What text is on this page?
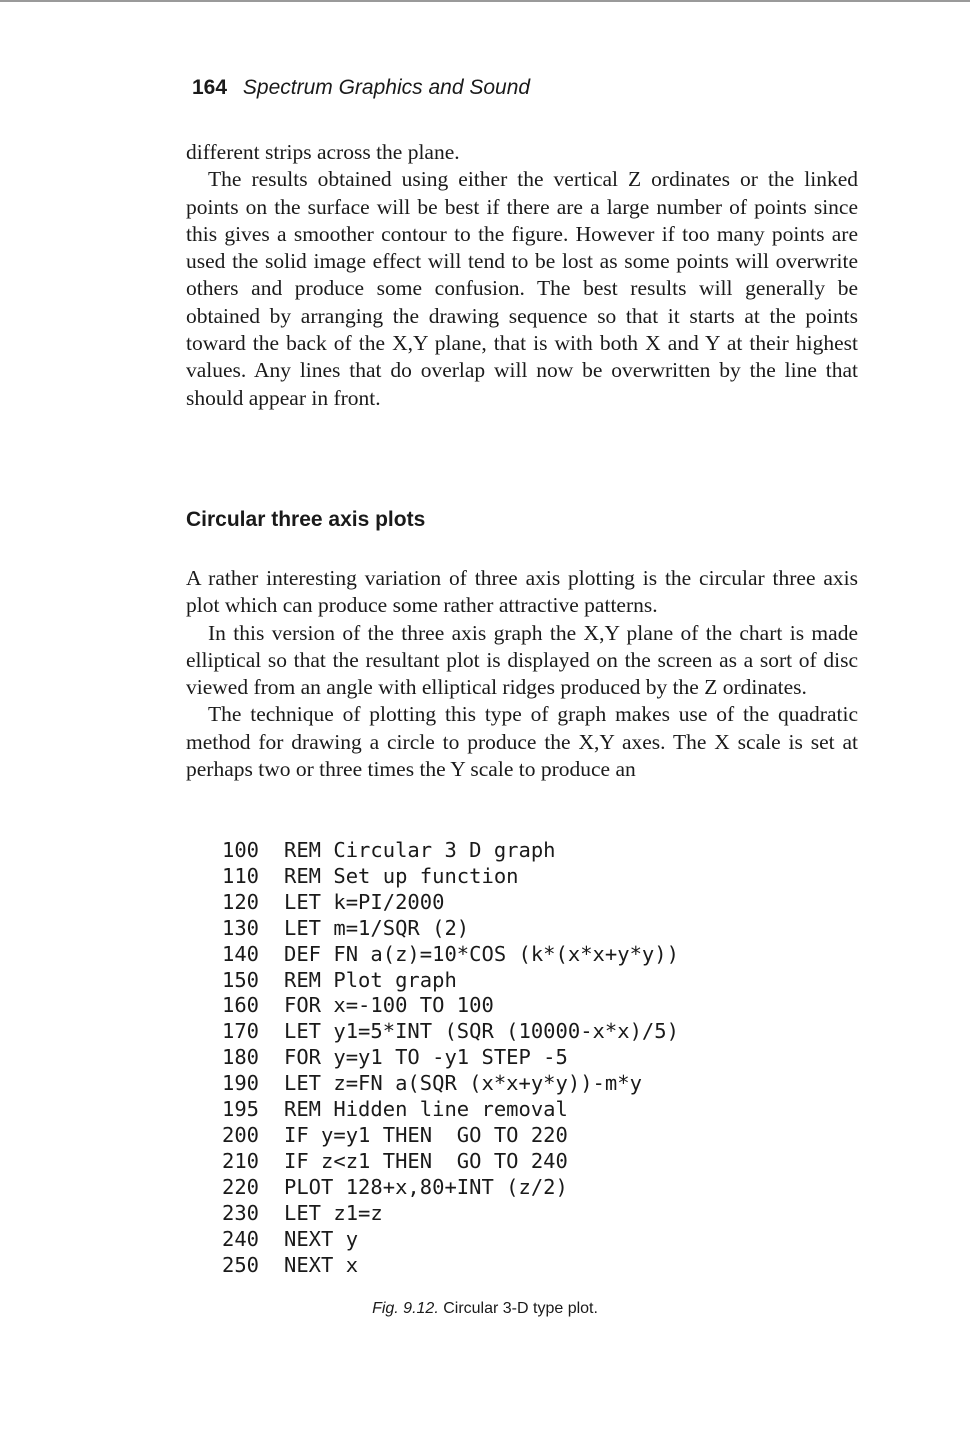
164 Spectrum Graphics and Sound

different strips across the plane.

The results obtained using either the vertical Z ordinates or the linked points on the surface will be best if there are a large number of points since this gives a smoother contour to the figure. However if too many points are used the solid image effect will tend to be lost as some points will overwrite others and produce some confusion. The best results will generally be obtained by arranging the drawing sequence so that it starts at the points toward the back of the X,Y plane, that is with both X and Y at their highest values. Any lines that do overlap will now be overwritten by the line that should appear in front.

Circular three axis plots

A rather interesting variation of three axis plotting is the circular three axis plot which can produce some rather attractive patterns.

In this version of the three axis graph the X,Y plane of the chart is made elliptical so that the resultant plot is displayed on the screen as a sort of disc viewed from an angle with elliptical ridges produced by the Z ordinates.

The technique of plotting this type of graph makes use of the quadratic method for drawing a circle to produce the X,Y axes. The X scale is set at perhaps two or three times the Y scale to produce an

100 REM Circular 3 D graph
110 REM Set up function
120 LET k=PI/2000
130 LET m=1/SQR (2)
140 DEF FN a(z)=10*COS (k*(x*x+y*y))
150 REM Plot graph
160 FOR x=-100 TO 100
170 LET y1=5*INT (SQR (10000-x*x)/5)
180 FOR y=y1 TO -y1 STEP -5
190 LET z=FN a(SQR (x*x+y*y))-m*y
195 REM Hidden line removal
200 IF y=y1 THEN  GO TO 220
210 IF z<z1 THEN  GO TO 240
220 PLOT 128+x,80+INT (z/2)
230 LET z1=z
240 NEXT y
250 NEXT x
Fig. 9.12. Circular 3-D type plot.
